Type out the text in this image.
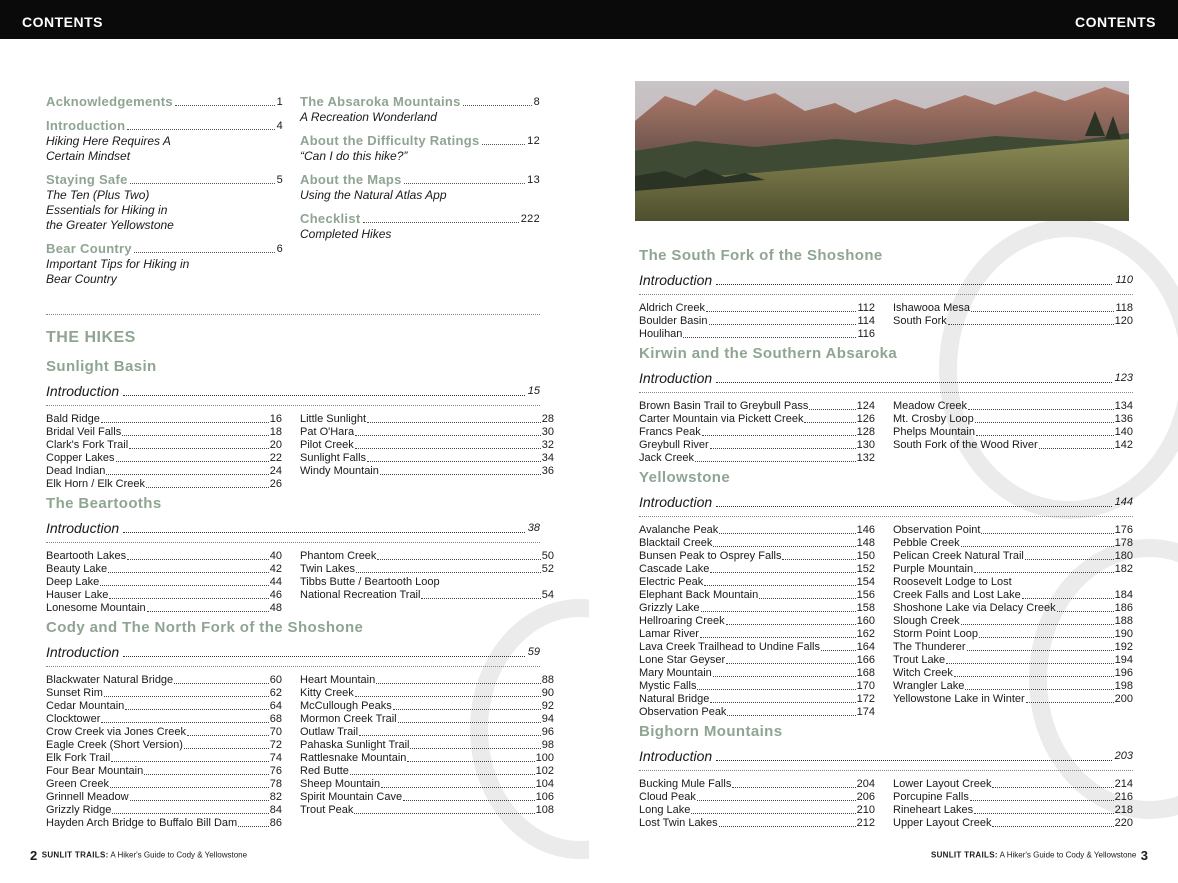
CONTENTS	CONTENTS
Acknowledgements	1
Introduction	4
Hiking Here Requires A
Certain Mindset
Staying Safe	5
The Ten (Plus Two)
Essentials for Hiking in
the Greater Yellowstone
Bear Country	6
Important Tips for Hiking in
Bear Country
The Absaroka Mountains	8
A Recreation Wonderland
About the Difficulty Ratings	12
“Can I do this hike?”
About the Maps	13
Using the Natural Atlas App
Checklist	222
Completed Hikes
THE HIKES
Sunlight Basin
Introduction	15
Bald Ridge	16
Bridal Veil Falls	18
Clark's Fork Trail	20
Copper Lakes	22
Dead Indian	24
Elk Horn / Elk Creek	26
Little Sunlight	28
Pat O'Hara	30
Pilot Creek	32
Sunlight Falls	34
Windy Mountain	36
The Beartooths
Introduction	38
Beartooth Lakes	40
Beauty Lake	42
Deep Lake	44
Hauser Lake	46
Lonesome Mountain	48
Phantom Creek	50
Twin Lakes	52
Tibbs Butte / Beartooth Loop
National Recreation Trail	54
Cody and The North Fork of the Shoshone
Introduction	59
Blackwater Natural Bridge	60
Sunset Rim	62
Cedar Mountain	64
Clocktower	68
Crow Creek via Jones Creek	70
Eagle Creek (Short Version)	72
Elk Fork Trail	74
Four Bear Mountain	76
Green Creek	78
Grinnell Meadow	82
Grizzly Ridge	84
Hayden Arch Bridge to Buffalo Bill Dam	86
Heart Mountain	88
Kitty Creek	90
McCullough Peaks	92
Mormon Creek Trail	94
Outlaw Trail	96
Pahaska Sunlight Trail	98
Rattlesnake Mountain	100
Red Butte	102
Sheep Mountain	104
Spirit Mountain Cave	106
Trout Peak	108
2 SUNLIT TRAILS: A Hiker's Guide to Cody & Yellowstone
The South Fork of the Shoshone
Introduction	110
Aldrich Creek	112
Boulder Basin	114
Houlihan	116
Ishawooa Mesa	118
South Fork	120
Kirwin and the Southern Absaroka
Introduction	123
Brown Basin Trail to Greybull Pass	124
Carter Mountain via Pickett Creek	126
Francs Peak	128
Greybull River	130
Jack Creek	132
Meadow Creek	134
Mt. Crosby Loop	136
Phelps Mountain	140
South Fork of the Wood River	142
Yellowstone
Introduction	144
Avalanche Peak	146
Blacktail Creek	148
Bunsen Peak to Osprey Falls	150
Cascade Lake	152
Electric Peak	154
Elephant Back Mountain	156
Grizzly Lake	158
Hellroaring Creek	160
Lamar River	162
Lava Creek Trailhead to Undine Falls	164
Lone Star Geyser	166
Mary Mountain	168
Mystic Falls	170
Natural Bridge	172
Observation Peak	174
Observation Point	176
Pebble Creek	178
Pelican Creek Natural Trail	180
Purple Mountain	182
Roosevelt Lodge to Lost
Creek Falls and Lost Lake	184
Shoshone Lake via Delacy Creek	186
Slough Creek	188
Storm Point Loop	190
The Thunderer	192
Trout Lake	194
Witch Creek	196
Wrangler Lake	198
Yellowstone Lake in Winter	200
Bighorn Mountains
Introduction	203
Bucking Mule Falls	204
Cloud Peak	206
Long Lake	210
Lost Twin Lakes	212
Lower Layout Creek	214
Porcupine Falls	216
Rineheart Lakes	218
Upper Layout Creek	220
SUNLIT TRAILS: A Hiker's Guide to Cody & Yellowstone 3
